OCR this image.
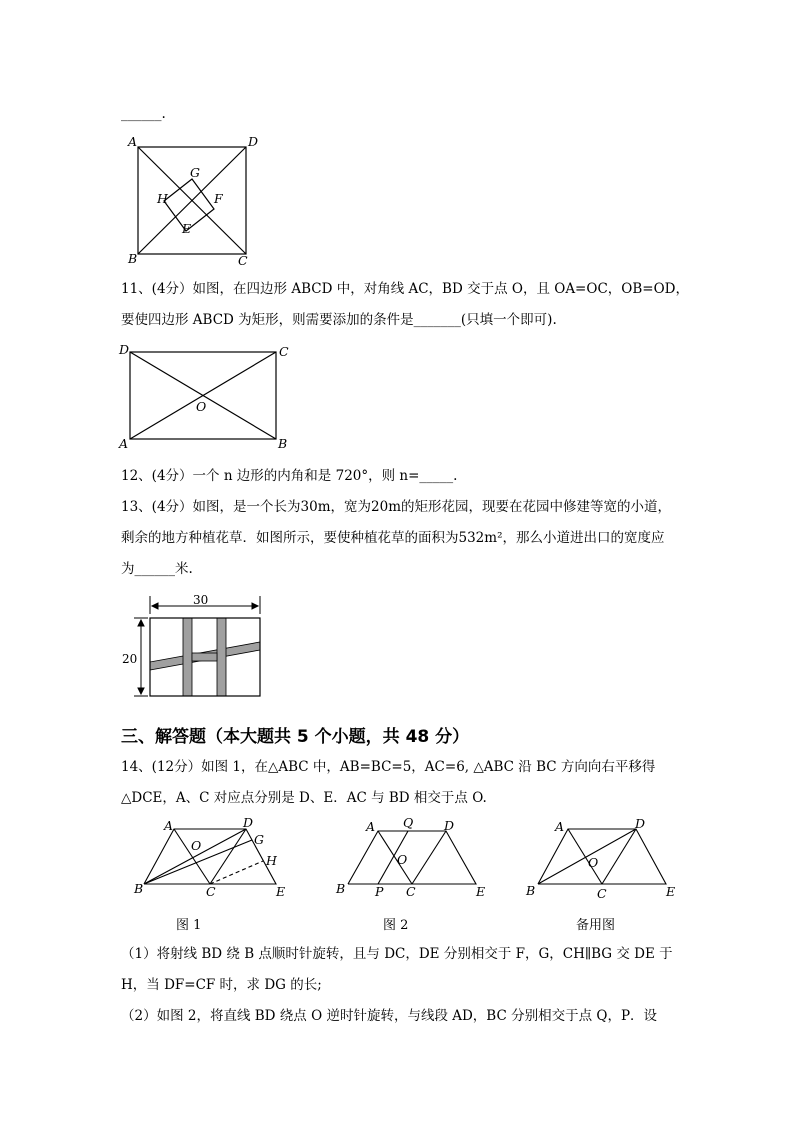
______.
A	D
B	C
G
H	F
E
11、(4分）如图，在四边形 ABCD 中，对角线 AC，BD 交于点 O，且 OA=OC，OB=OD，
要使四边形 ABCD 为矩形，则需要添加的条件是_______(只填一个即可).
D	C
A	B
O
12、(4分）一个 n 边形的内角和是 720°，则 n=_____.
13、(4分）如图，是一个长为30m，宽为20m的矩形花园，现要在花园中修建等宽的小道，
剩余的地方种植花草．如图所示，要使种植花草的面积为532m²，那么小道进出口的宽度应
为______米.
30
20
三、解答题（本大题共 5 个小题，共 48 分）
14、(12分）如图 1，在△ABC 中，AB=BC=5，AC=6, △ABC 沿 BC 方向向右平移得
△DCE，A、C 对应点分别是 D、E．AC 与 BD 相交于点 O.
A	D
G
O
H
B	C	E
A Q D
O
B P C	E
A	D
O
B	C	E
图 1	图 2	备用图
（1）将射线 BD 绕 B 点顺时针旋转，且与 DC，DE 分别相交于 F，G，CH∥BG 交 DE 于
H，当 DF=CF 时，求 DG 的长;
（2）如图 2，将直线 BD 绕点 O 逆时针旋转，与线段 AD，BC 分别相交于点 Q，P．设
